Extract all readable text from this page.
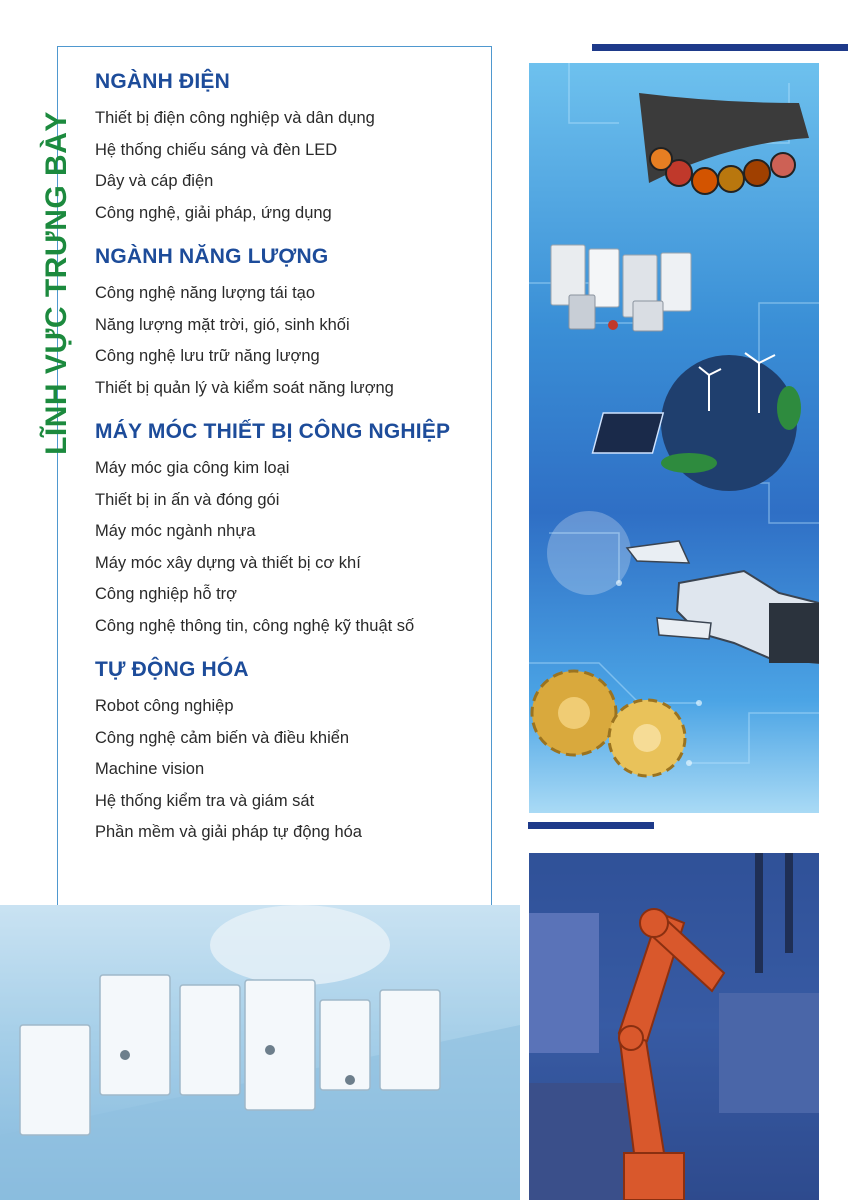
LĨNH VỰC TRƯNG BÀY
NGÀNH ĐIỆN
Thiết bị điện công nghiệp và dân dụng
Hệ thống chiếu sáng và đèn LED
Dây và cáp điện
Công nghệ, giải pháp, ứng dụng
NGÀNH NĂNG LƯỢNG
Công nghệ năng lượng tái tạo
Năng lượng mặt trời, gió, sinh khối
Công nghệ lưu trữ năng lượng
Thiết bị quản lý và kiểm soát năng lượng
MÁY MÓC THIẾT BỊ CÔNG NGHIỆP
Máy móc gia công kim loại
Thiết bị in ấn và đóng gói
Máy móc ngành nhựa
Máy móc xây dựng và thiết bị cơ khí
Công nghiệp hỗ trợ
Công nghệ thông tin, công nghệ kỹ thuật số
TỰ ĐỘNG HÓA
Robot công nghiệp
Công nghệ cảm biến và điều khiển
Machine vision
Hệ thống kiểm tra và giám sát
Phần mềm và giải pháp tự động hóa
